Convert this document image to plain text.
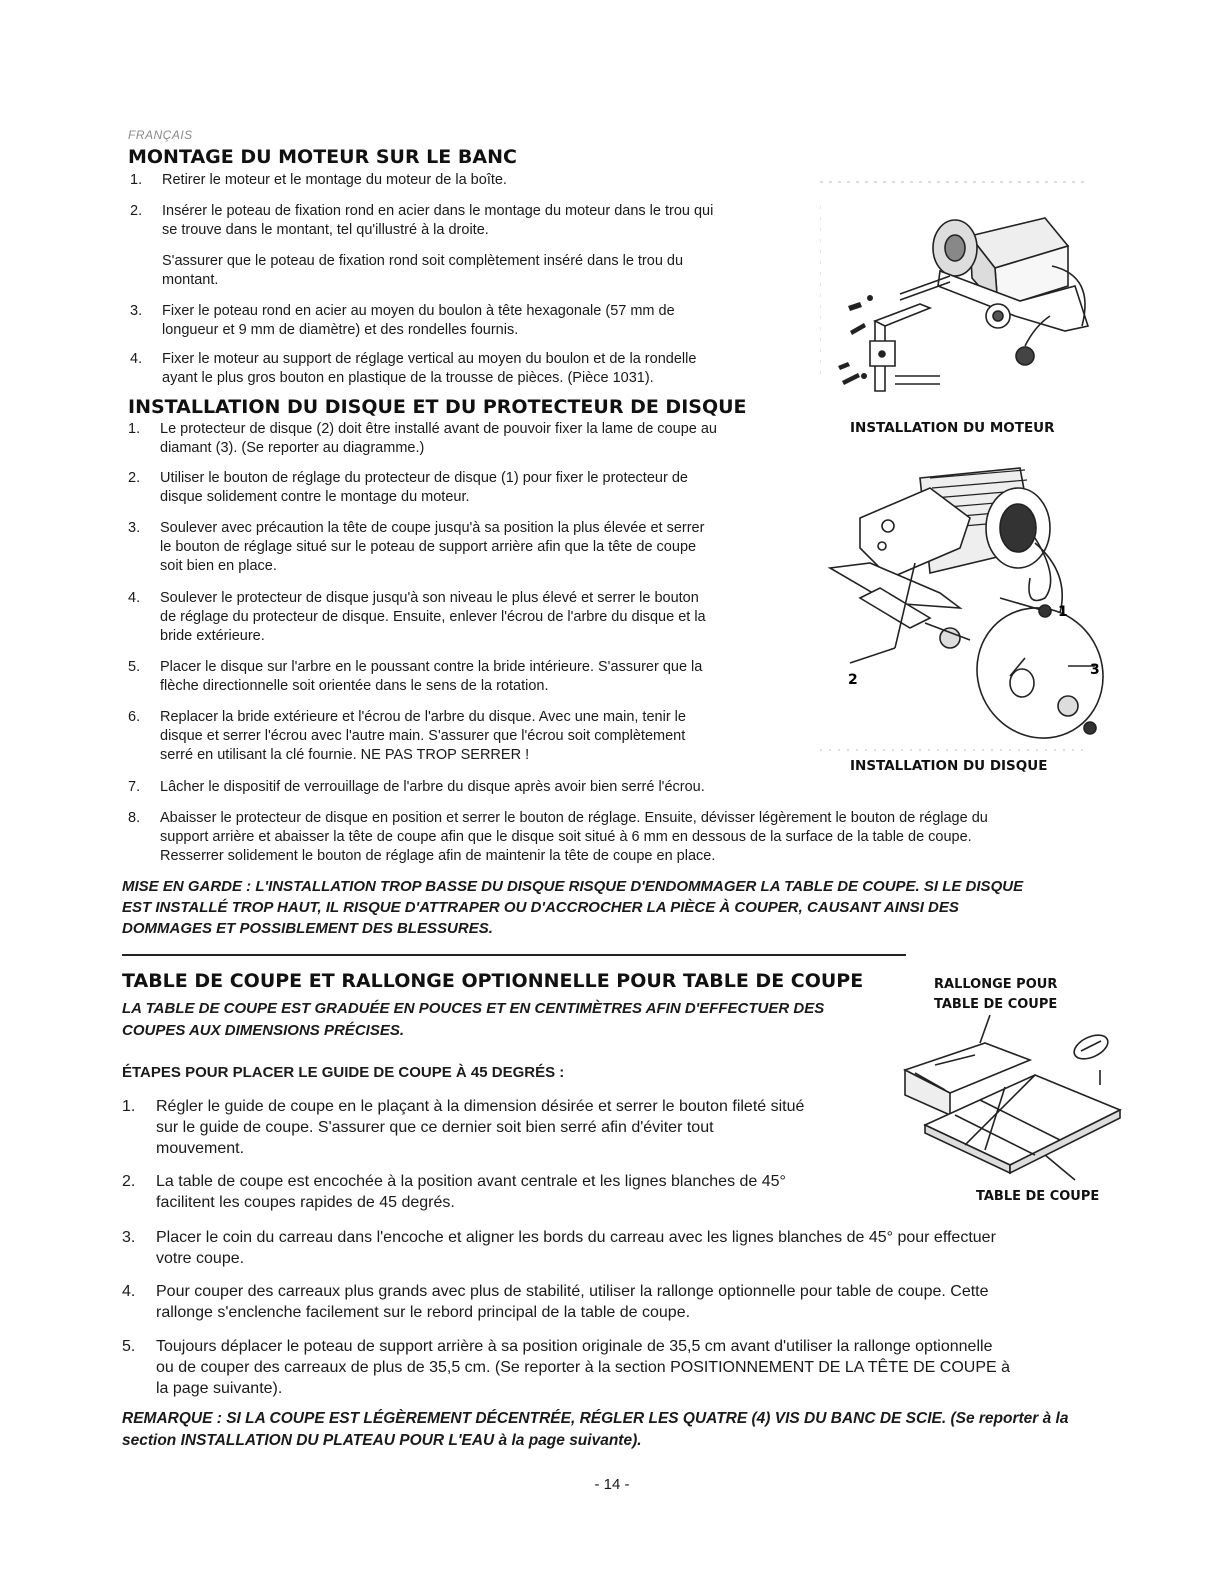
FRANÇAIS
MONTAGE DU MOTEUR SUR LE BANC
1. Retirer le moteur et le montage du moteur de la boîte.
2. Insérer le poteau de fixation rond en acier dans le montage du moteur dans le trou qui
se trouve dans le montant, tel qu'illustré à la droite.
S'assurer que le poteau de fixation rond soit complètement inséré dans le trou du
montant.
3. Fixer le poteau rond en acier au moyen du boulon à tête hexagonale (57 mm de
longueur et 9 mm de diamètre) et des rondelles fournis.
4. Fixer le moteur au support de réglage vertical au moyen du boulon et de la rondelle
ayant le plus gros bouton en plastique de la trousse de pièces. (Pièce 1031).
INSTALLATION DU DISQUE ET DU PROTECTEUR DE DISQUE
1. Le protecteur de disque (2) doit être installé avant de pouvoir fixer la lame de coupe au
diamant (3). (Se reporter au diagramme.)
2. Utiliser le bouton de réglage du protecteur de disque (1) pour fixer le protecteur de
disque solidement contre le montage du moteur.
3. Soulever avec précaution la tête de coupe jusqu'à sa position la plus élevée et serrer
le bouton de réglage situé sur le poteau de support arrière afin que la tête de coupe
soit bien en place.
4. Soulever le protecteur de disque jusqu'à son niveau le plus élevé et serrer le bouton
de réglage du protecteur de disque. Ensuite, enlever l'écrou de l'arbre du disque et la
bride extérieure.
5. Placer le disque sur l'arbre en le poussant contre la bride intérieure. S'assurer que la
flèche directionnelle soit orientée dans le sens de la rotation.
6. Replacer la bride extérieure et l'écrou de l'arbre du disque. Avec une main, tenir le
disque et serrer l'écrou avec l'autre main. S'assurer que l'écrou soit complètement
serré en utilisant la clé fournie. NE PAS TROP SERRER !
7. Lâcher le dispositif de verrouillage de l'arbre du disque après avoir bien serré l'écrou.
8. Abaisser le protecteur de disque en position et serrer le bouton de réglage. Ensuite, dévisser légèrement le bouton de réglage du
support arrière et abaisser la tête de coupe afin que le disque soit situé à 6 mm en dessous de la surface de la table de coupe.
Resserrer solidement le bouton de réglage afin de maintenir la tête de coupe en place.
MISE EN GARDE : L'INSTALLATION TROP BASSE DU DISQUE RISQUE D'ENDOMMAGER LA TABLE DE COUPE. SI LE DISQUE
EST INSTALLÉ TROP HAUT, IL RISQUE D'ATTRAPER OU D'ACCROCHER LA PIÈCE À COUPER, CAUSANT AINSI DES
DOMMAGES ET POSSIBLEMENT DES BLESSURES.
TABLE DE COUPE ET RALLONGE OPTIONNELLE POUR TABLE DE COUPE
LA TABLE DE COUPE EST GRADUÉE EN POUCES ET EN CENTIMÈTRES AFIN D'EFFECTUER DES
COUPES AUX DIMENSIONS PRÉCISES.
ÉTAPES POUR PLACER LE GUIDE DE COUPE À 45 DEGRÉS :
1. Régler le guide de coupe en le plaçant à la dimension désirée et serrer le bouton fileté situé
sur le guide de coupe. S'assurer que ce dernier soit bien serré afin d'éviter tout
mouvement.
2. La table de coupe est encochée à la position avant centrale et les lignes blanches de 45°
facilitent les coupes rapides de 45 degrés.
3. Placer le coin du carreau dans l'encoche et aligner les bords du carreau avec les lignes blanches de 45° pour effectuer
votre coupe.
4. Pour couper des carreaux plus grands avec plus de stabilité, utiliser la rallonge optionnelle pour table de coupe. Cette
rallonge s'enclenche facilement sur le rebord principal de la table de coupe.
5. Toujours déplacer le poteau de support arrière à sa position originale de 35,5 cm avant d'utiliser la rallonge optionnelle
ou de couper des carreaux de plus de 35,5 cm. (Se reporter à la section POSITIONNEMENT DE LA TÊTE DE COUPE à
la page suivante).
REMARQUE : SI LA COUPE EST LÉGÈREMENT DÉCENTRÉE, RÉGLER LES QUATRE (4) VIS DU BANC DE SCIE. (Se reporter à la
section INSTALLATION DU PLATEAU POUR L'EAU à la page suivante).
- 14 -
INSTALLATION DU MOTEUR
1
2
3
INSTALLATION DU DISQUE
RALLONGE POUR
TABLE DE COUPE
TABLE DE COUPE
